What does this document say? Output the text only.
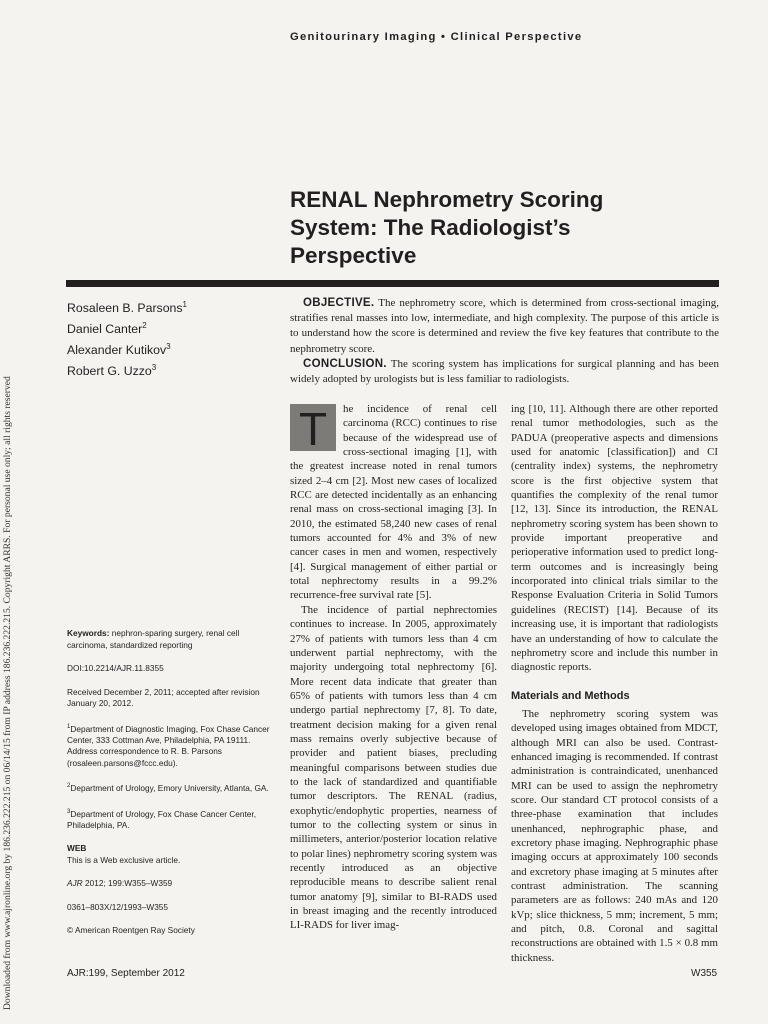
Downloaded from www.ajronline.org by 186.236.222.215 on 06/14/15 from IP address 186.236.222.215. Copyright ARRS. For personal use only; all rights reserved
Genitourinary Imaging • Clinical Perspective
RENAL Nephrometry Scoring
System: The Radiologist’s
Perspective
Rosaleen B. Parsons$^1$
Daniel Canter$^2$
Alexander Kutikov$^3$
Robert G. Uzzo$^3$

OBJECTIVE. The nephrometry score, which is determined from cross-sectional imaging, stratifies renal masses into low, intermediate, and high complexity. The purpose of this article is to understand how the score is determined and review the five key features that contribute to the nephrometry score.

CONCLUSION. The scoring system has implications for surgical planning and has been widely adopted by urologists but is less familiar to radiologists.

T	he incidence of renal cell carcinoma (RCC) continues to rise because of the widespread use of cross-sectional imaging [1], with the greatest increase noted in renal tumors sized 2–4 cm [2]. Most new cases of localized RCC are detected incidentally as an enhancing renal mass on cross-sectional imaging [3]. In 2010, the estimated 58,240 new cases of renal tumors accounted for 4% and 3% of new cancer cases in men and women, respectively [4]. Surgical management of either partial or total nephrectomy results in a 99.2% recurrence-free survival rate [5].

The incidence of partial nephrectomies continues to increase. In 2005, approximately 27% of patients with tumors less than 4 cm underwent partial nephrectomy, with the majority undergoing total nephrectomy [6]. More recent data indicate that greater than 65% of patients with tumors less than 4 cm undergo partial nephrectomy [7, 8]. To date, treatment decision making for a given renal mass remains overly subjective because of provider and patient biases, precluding meaningful comparisons between studies due to the lack of standardized and quantifiable tumor descriptors. The RENAL (radius, exophytic/endophytic properties, nearness of tumor to the collecting system or sinus in millimeters, anterior/posterior location relative to polar lines) nephrometry scoring system was recently introduced as an objective reproducible means to describe salient renal tumor anatomy [9], similar to BI-RADS used in breast imaging and the recently introduced LI-RADS for liver imag-

ing [10, 11]. Although there are other reported renal tumor methodologies, such as the PADUA (preoperative aspects and dimensions used for anatomic [classification]) and CI (centrality index) systems, the nephrometry score is the first objective system that quantifies the complexity of the renal tumor [12, 13]. Since its introduction, the RENAL nephrometry scoring system has been shown to provide important preoperative and perioperative information used to predict long-term outcomes and is increasingly being incorporated into clinical trials similar to the Response Evaluation Criteria in Solid Tumors guidelines (RECIST) [14]. Because of its increasing use, it is important that radiologists have an understanding of how to calculate the nephrometry score and include this number in diagnostic reports.

Materials and Methods

The nephrometry scoring system was developed using images obtained from MDCT, although MRI can also be used. Contrast-enhanced imaging is recommended. If contrast administration is contraindicated, unenhanced MRI can be used to assign the nephrometry score. Our standard CT protocol consists of a three-phase examination that includes unenhanced, nephrographic phase, and excretory phase imaging. Nephrographic phase imaging occurs at approximately 100 seconds and excretory phase imaging at 5 minutes after contrast administration. The scanning parameters are as follows: 240 mAs and 120 kVp; slice thickness, 5 mm; increment, 5 mm; and pitch, 0.8. Coronal and sagittal reconstructions are obtained with 1.5 × 0.8 mm thickness.

Keywords: nephron-sparing surgery, renal cell carcinoma, standardized reporting

DOI:10.2214/AJR.11.8355

Received December 2, 2011; accepted after revision January 20, 2012.

$^1$Department of Diagnostic Imaging, Fox Chase Cancer Center, 333 Cottman Ave, Philadelphia, PA 19111. Address correspondence to R. B. Parsons (rosaleen.parsons@fccc.edu).

$^2$Department of Urology, Emory University, Atlanta, GA.

$^3$Department of Urology, Fox Chase Cancer Center, Philadelphia, PA.

WEB
This is a Web exclusive article.

AJR 2012; 199:W355–W359

0361–803X/12/1993–W355

© American Roentgen Ray Society

AJR:199, September 2012	W355
